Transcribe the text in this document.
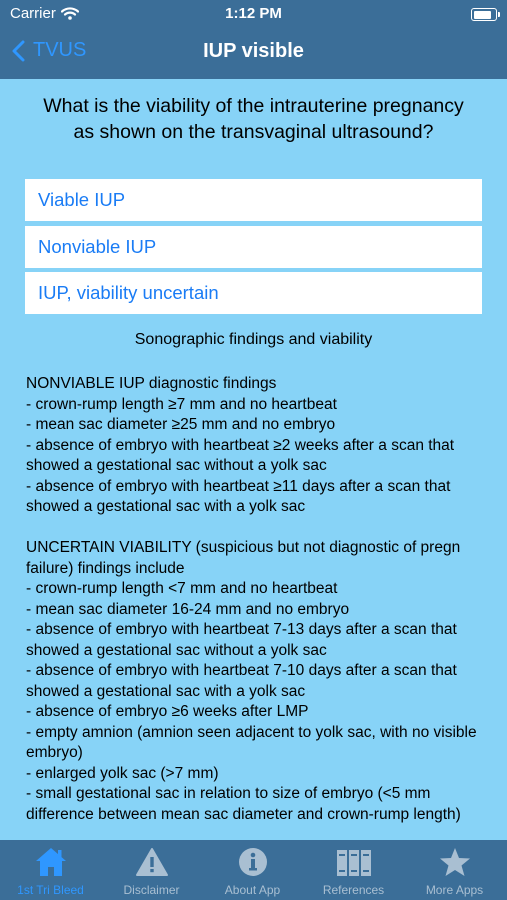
Carrier	1:12 PM
TVUS	IUP visible
What is the viability of the intrauterine pregnancy as shown on the transvaginal ultrasound?
Viable IUP
Nonviable IUP
IUP, viability uncertain
Sonographic findings and viability
NONVIABLE IUP diagnostic findings
- crown-rump length ≥7 mm and no heartbeat
- mean sac diameter ≥25 mm and no embryo
- absence of embryo with heartbeat ≥2 weeks after a scan that showed a gestational sac without a yolk sac
- absence of embryo with heartbeat ≥11 days after a scan that showed a gestational sac with a yolk sac

UNCERTAIN VIABILITY (suspicious but not diagnostic of pregn failure) findings include
- crown-rump length <7 mm and no heartbeat
- mean sac diameter 16-24 mm and no embryo
- absence of embryo with heartbeat 7-13 days after a scan that showed a gestational sac without a yolk sac
- absence of embryo with heartbeat 7-10 days after a scan that showed a gestational sac with a yolk sac
- absence of embryo ≥6 weeks after LMP
- empty amnion (amnion seen adjacent to yolk sac, with no visible embryo)
- enlarged yolk sac (>7 mm)
- small gestational sac in relation to size of embryo (<5 mm difference between mean sac diameter and crown-rump length)
1st Tri Bleed	Disclaimer	About App	References	More Apps
